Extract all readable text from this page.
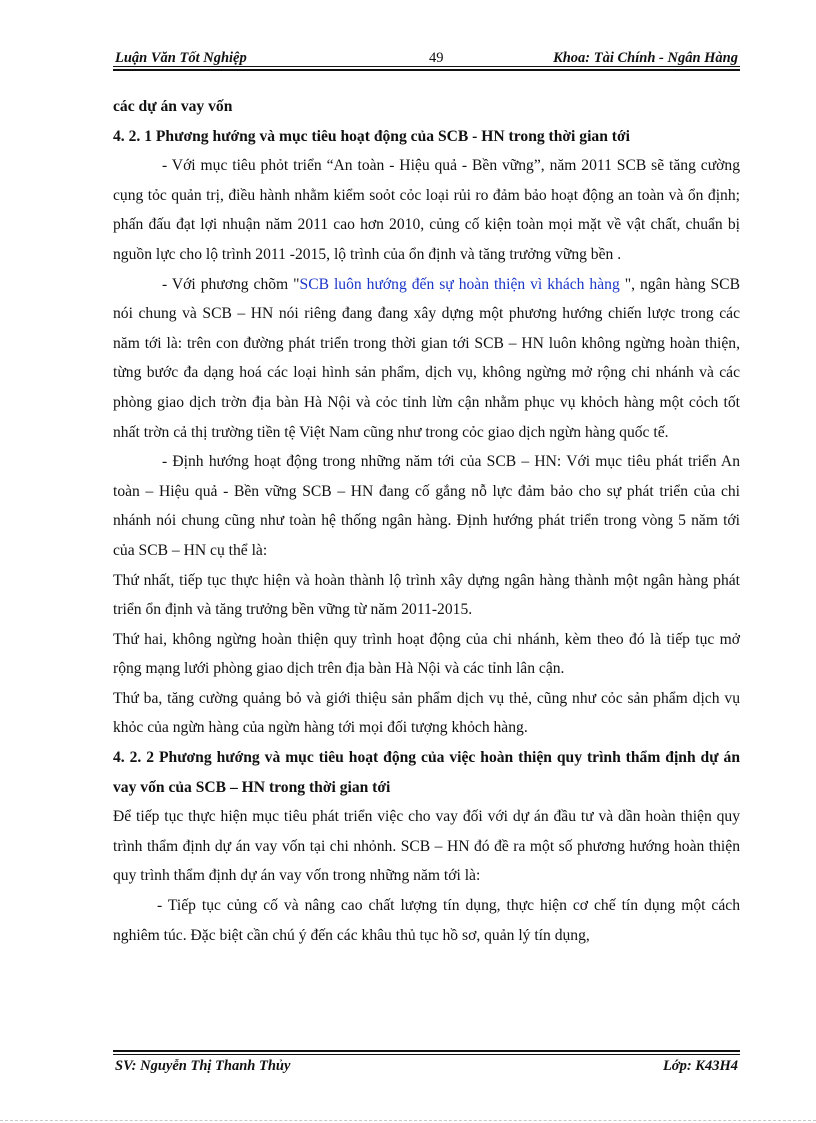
Luận Văn Tốt Nghiệp	49	Khoa: Tài Chính - Ngân Hàng

các dự án vay vốn

4. 2. 1 Phương hướng và mục tiêu hoạt động của SCB - HN trong thời gian tới

- Với mục tiêu phỏt triển “An toàn - Hiệu quả - Bền vững”, năm 2011 SCB sẽ tăng cường cụng tỏc quản trị, điều hành nhằm kiểm soỏt cỏc loại rủi ro đảm bảo hoạt động an toàn và ổn định; phấn đấu đạt lợi nhuận năm 2011 cao hơn 2010, củng cố kiện toàn mọi mặt về vật chất, chuẩn bị nguồn lực cho lộ trình 2011 -2015, lộ trình của ổn định và tăng trưởng vững bền .

- Với phương chõm "SCB luôn hướng đến sự hoàn thiện vì khách hàng ", ngân hàng SCB nói chung và SCB – HN nói riêng đang đang xây dựng một phương hướng chiến lược trong các năm tới là: trên con đường phát triển trong thời gian tới SCB – HN luôn không ngừng hoàn thiện, từng bước đa dạng hoá các loại hình sản phẩm, dịch vụ, không ngừng mở rộng chi nhánh và các phòng giao dịch trờn địa bàn Hà Nội và cỏc tỉnh lừn cận nhằm phục vụ khỏch hàng một cỏch tốt nhất trờn cả thị trường tiền tệ Việt Nam cũng như trong cỏc giao dịch ngừn hàng quốc tế.

- Định hướng hoạt động trong những năm tới của SCB – HN: Với mục tiêu phát triển An toàn – Hiệu quả - Bền vững SCB – HN đang cố gắng nỗ lực đảm bảo cho sự phát triển của chi nhánh nói chung cũng như toàn hệ thống ngân hàng. Định hướng phát triển trong vòng 5 năm tới của SCB – HN cụ thể là:

Thứ nhất, tiếp tục thực hiện và hoàn thành lộ trình xây dựng ngân hàng thành một ngân hàng phát triển ổn định và tăng trưởng bền vững từ năm 2011-2015.

Thứ hai, không ngừng hoàn thiện quy trình hoạt động của chi nhánh, kèm theo đó là tiếp tục mở rộng mạng lưới phòng giao dịch trên địa bàn Hà Nội và các tỉnh lân cận.

Thứ ba, tăng cường quảng bỏ và giới thiệu sản phẩm dịch vụ thẻ, cũng như cỏc sản phẩm dịch vụ khỏc của ngừn hàng của ngừn hàng tới mọi đối tượng khỏch hàng.

4. 2. 2 Phương hướng và mục tiêu hoạt động của việc hoàn thiện quy trình thẩm định dự án vay vốn của SCB – HN trong thời gian tới

Để tiếp tục thực hiện mục tiêu phát triển việc cho vay đối với dự án đầu tư và dần hoàn thiện quy trình thẩm định dự án vay vốn tại chi nhỏnh. SCB – HN đó đề ra một số phương hướng hoàn thiện quy trình thẩm định dự án vay vốn trong những năm tới là:

- Tiếp tục củng cố và nâng cao chất lượng tín dụng, thực hiện cơ chế tín dụng một cách nghiêm túc. Đặc biệt cần chú ý đến các khâu thủ tục hồ sơ, quản lý tín dụng,

SV: Nguyễn Thị Thanh Thủy	Lớp: K43H4
